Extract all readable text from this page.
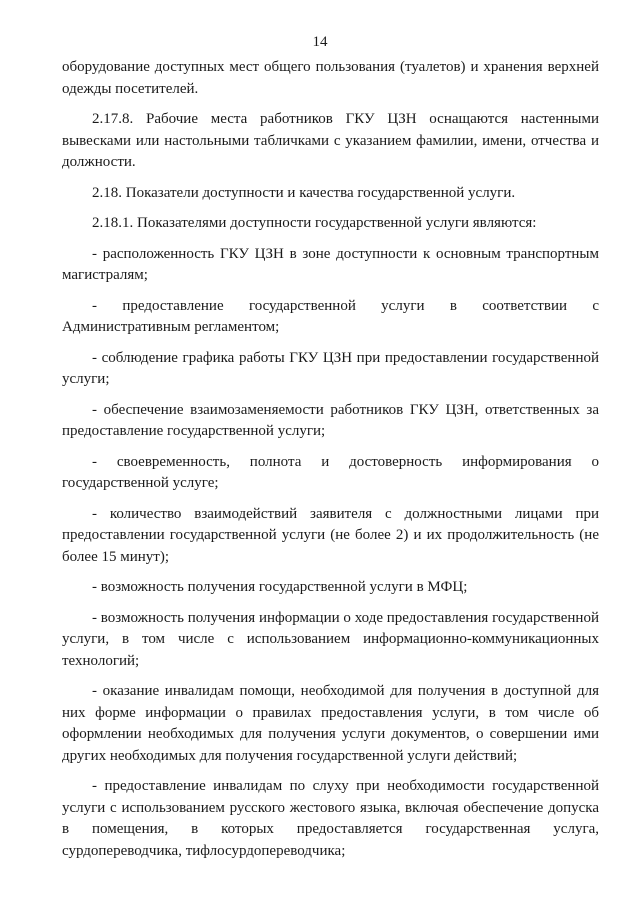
14

оборудование доступных мест общего пользования (туалетов) и хранения верхней одежды посетителей.

2.17.8. Рабочие места работников ГКУ ЦЗН оснащаются настенными вывесками или настольными табличками с указанием фамилии, имени, отчества и должности.

2.18. Показатели доступности и качества государственной услуги.

2.18.1. Показателями доступности государственной услуги являются:

- расположенность ГКУ ЦЗН в зоне доступности к основным транспортным магистралям;

- предоставление государственной услуги в соответствии с Административным регламентом;

- соблюдение графика работы ГКУ ЦЗН при предоставлении государственной услуги;

- обеспечение взаимозаменяемости работников ГКУ ЦЗН, ответственных за предоставление государственной услуги;

- своевременность, полнота и достоверность информирования о государственной услуге;

- количество взаимодействий заявителя с должностными лицами при предоставлении государственной услуги (не более 2) и их продолжительность (не более 15 минут);

- возможность получения государственной услуги в МФЦ;

- возможность получения информации о ходе предоставления государственной услуги, в том числе с использованием информационно-коммуникационных технологий;

- оказание инвалидам помощи, необходимой для получения в доступной для них форме информации о правилах предоставления услуги, в том числе об оформлении необходимых для получения услуги документов, о совершении ими других необходимых для получения государственной услуги действий;

- предоставление инвалидам по слуху при необходимости государственной услуги с использованием русского жестового языка, включая обеспечение допуска в помещения, в которых предоставляется государственная услуга, сурдопереводчика, тифлосурдопереводчика;
